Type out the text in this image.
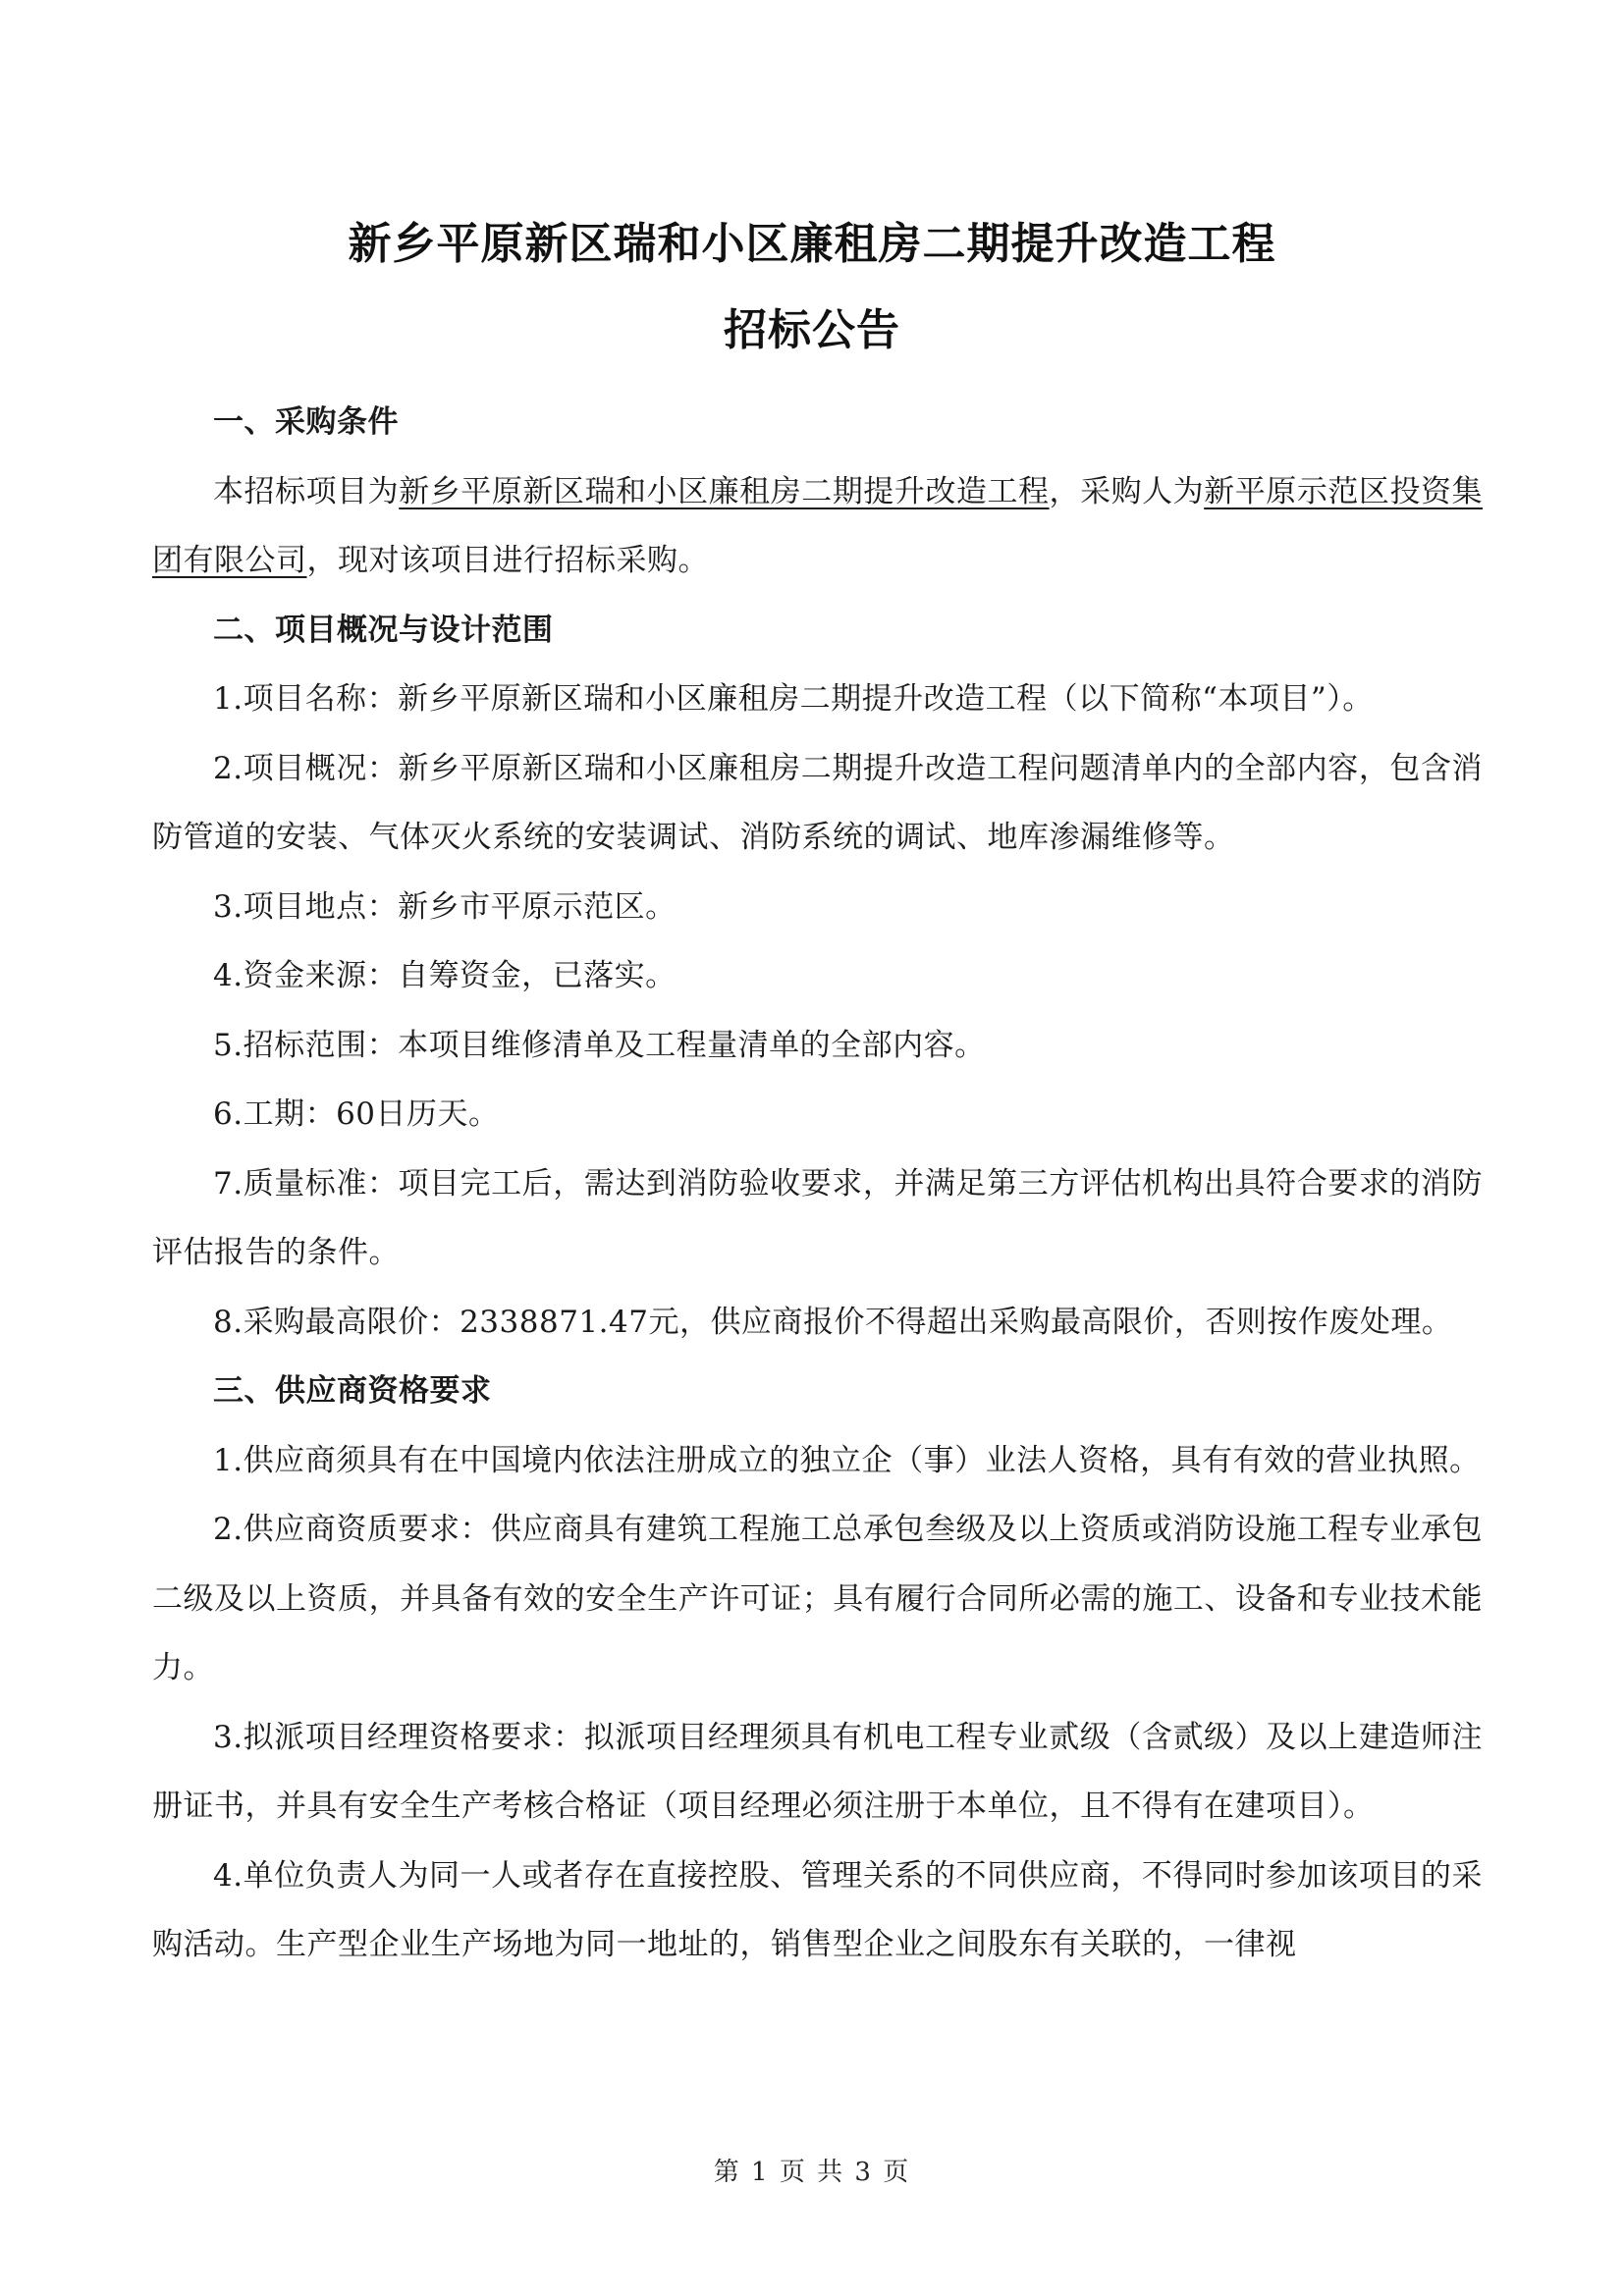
新乡平原新区瑞和小区廉租房二期提升改造工程
招标公告

一、采购条件

本招标项目为新乡平原新区瑞和小区廉租房二期提升改造工程，采购人为新平原示范区投资集团有限公司，现对该项目进行招标采购。

二、项目概况与设计范围

1.项目名称：新乡平原新区瑞和小区廉租房二期提升改造工程（以下简称“本项目”）。

2.项目概况：新乡平原新区瑞和小区廉租房二期提升改造工程问题清单内的全部内容，包含消防管道的安装、气体灭火系统的安装调试、消防系统的调试、地库渗漏维修等。

3.项目地点：新乡市平原示范区。

4.资金来源：自筹资金，已落实。

5.招标范围：本项目维修清单及工程量清单的全部内容。

6.工期：60日历天。

7.质量标准：项目完工后，需达到消防验收要求，并满足第三方评估机构出具符合要求的消防评估报告的条件。

8.采购最高限价：2338871.47元，供应商报价不得超出采购最高限价，否则按作废处理。

三、供应商资格要求

1.供应商须具有在中国境内依法注册成立的独立企（事）业法人资格，具有有效的营业执照。

2.供应商资质要求：供应商具有建筑工程施工总承包叁级及以上资质或消防设施工程专业承包二级及以上资质，并具备有效的安全生产许可证；具有履行合同所必需的施工、设备和专业技术能力。

3.拟派项目经理资格要求：拟派项目经理须具有机电工程专业贰级（含贰级）及以上建造师注册证书，并具有安全生产考核合格证（项目经理必须注册于本单位，且不得有在建项目）。

4.单位负责人为同一人或者存在直接控股、管理关系的不同供应商，不得同时参加该项目的采购活动。生产型企业生产场地为同一地址的，销售型企业之间股东有关联的，一律视

第 1 页 共 3 页
